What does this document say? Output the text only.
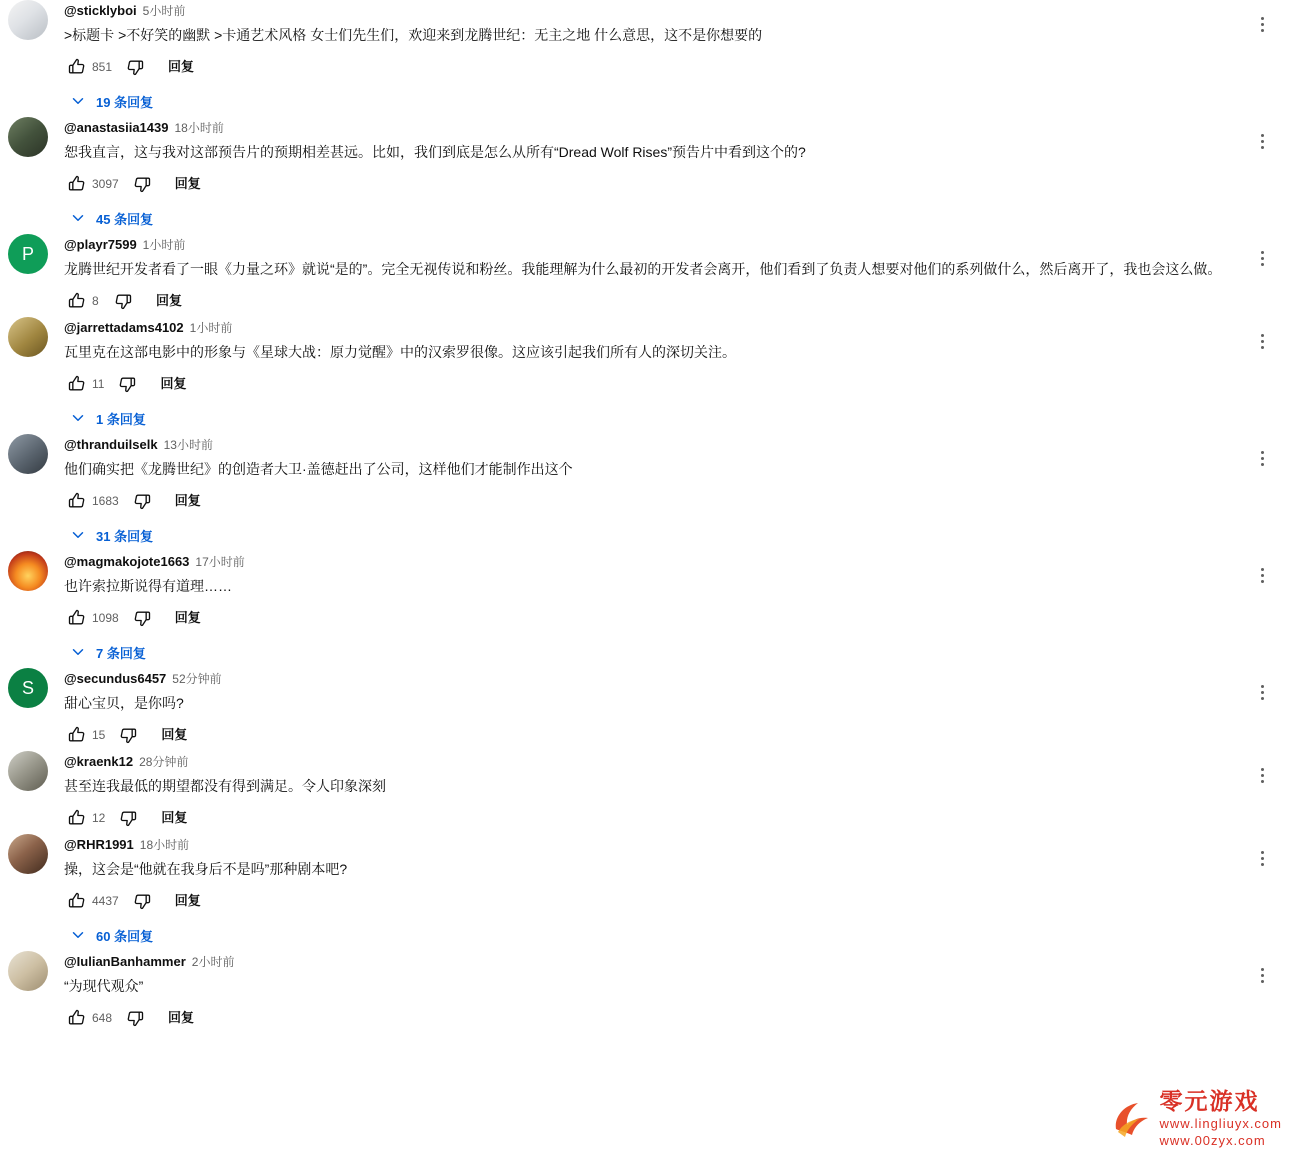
@sticklyboi 5小时前
>标题卡 >不好笑的幽默 >卡通艺术风格 女士们先生们，欢迎来到龙腾世纪：无主之地 什么意思，这不是你想要的
851	回复
19 条回复
@anastasiia1439 18小时前
恕我直言，这与我对这部预告片的预期相差甚远。比如，我们到底是怎么从所有“Dread Wolf Rises”预告片中看到这个的?
3097	回复
45 条回复
P	@playr7599 1小时前
龙腾世纪开发者看了一眼《力量之环》就说“是的”。完全无视传说和粉丝。我能理解为什么最初的开发者会离开，他们看到了负责人想要对他们的系列做什么，然后离开了，我也会这么做。
8	回复
@jarrettadams4102 1小时前
瓦里克在这部电影中的形象与《星球大战：原力觉醒》中的汉索罗很像。这应该引起我们所有人的深切关注。
11	回复
1 条回复
@thranduilselk 13小时前
他们确实把《龙腾世纪》的创造者大卫·盖德赶出了公司，这样他们才能制作出这个
1683	回复
31 条回复
@magmakojote1663 17小时前
也许索拉斯说得有道理……
1098	回复
7 条回复
S	@secundus6457 52分钟前
甜心宝贝，是你吗?
15	回复
@kraenk12 28分钟前
甚至连我最低的期望都没有得到满足。令人印象深刻
12	回复
@RHR1991 18小时前
操，这会是“他就在我身后不是吗”那种剧本吧?
4437	回复
60 条回复
@IulianBanhammer 2小时前
“为现代观众”
648	回复
零元游戏
www.lingliuyx.com
www.00zyx.com
